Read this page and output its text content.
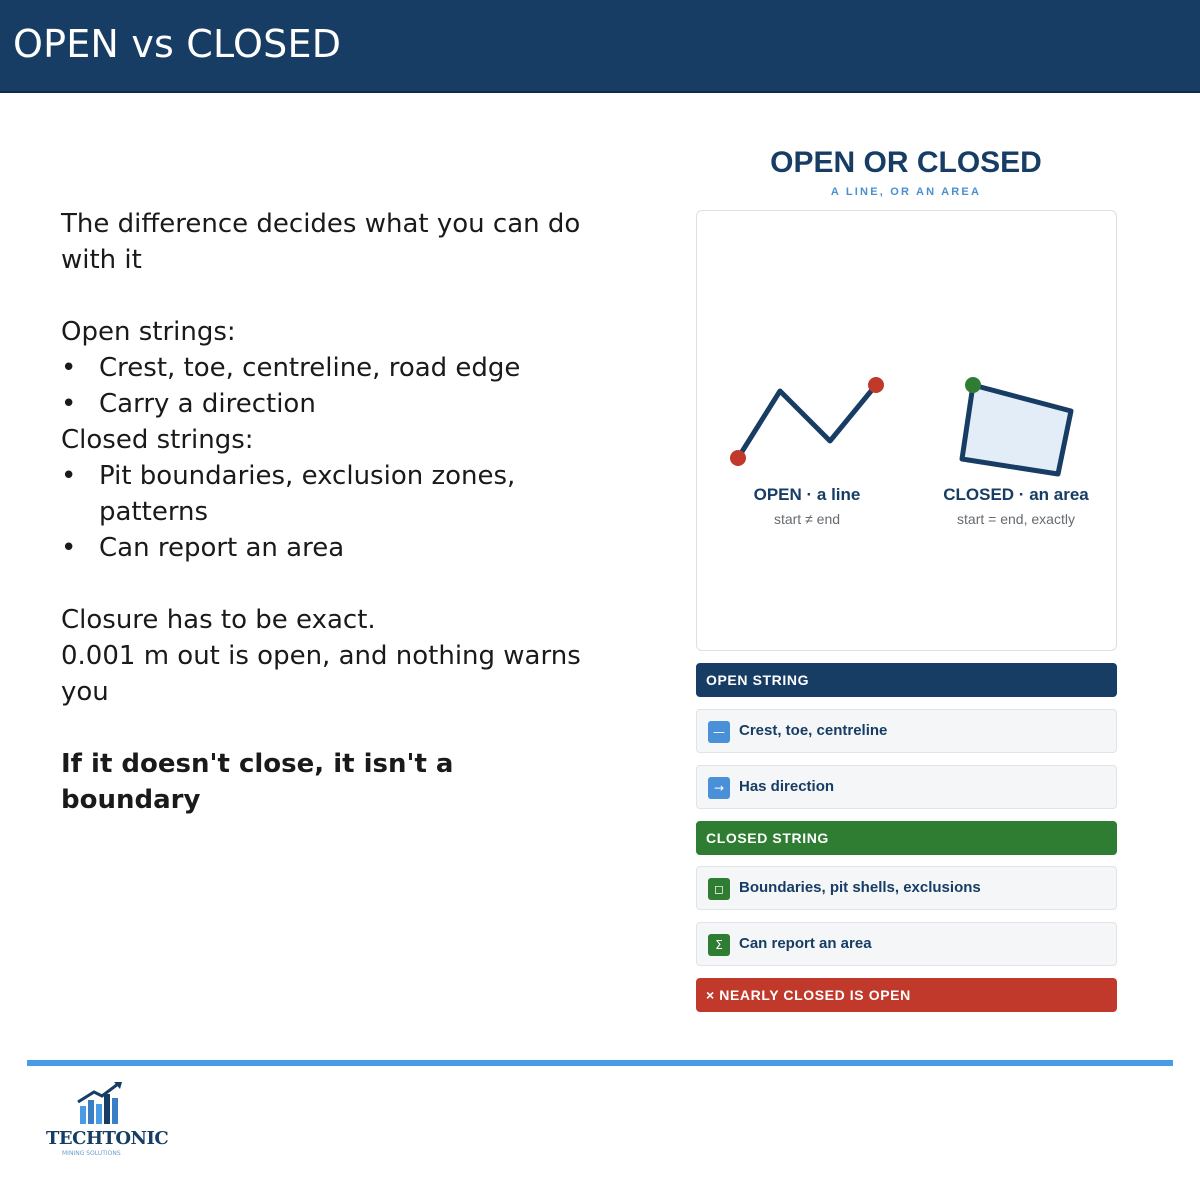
OPEN vs CLOSED

The difference decides what you can do with it

Open strings:

• Crest, toe, centreline, road edge
• Carry a direction

Closed strings:

• Pit boundaries, exclusion zones, patterns
• Can report an area

Closure has to be exact.

0.001 m out is open, and nothing warns you

If it doesn't close, it isn't a boundary

OPEN OR CLOSED
A LINE, OR AN AREA
OPEN · a line
start ≠ end
CLOSED · an area
start = end, exactly
OPEN STRING
— Crest, toe, centreline
→ Has direction
CLOSED STRING
◻	Boundaries, pit shells, exclusions
Σ	Can report an area
× NEARLY CLOSED IS OPEN
TECHTONIC
MINING SOLUTIONS
